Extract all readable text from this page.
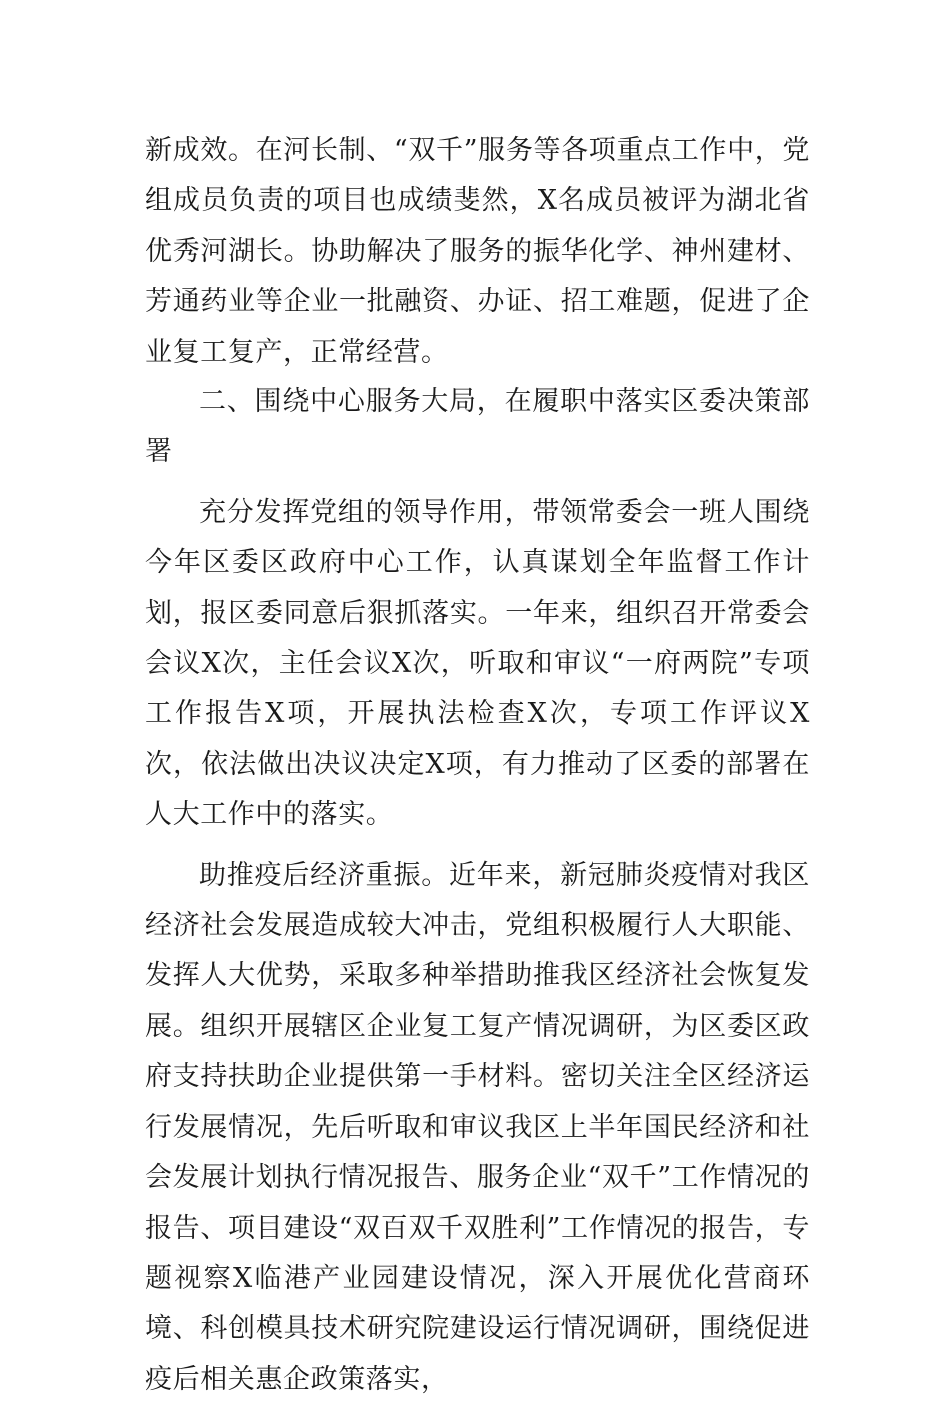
新成效。在河长制、“双千”服务等各项重点工作中，党组成员负责的项目也成绩斐然，X名成员被评为湖北省优秀河湖长。协助解决了服务的振华化学、神州建材、芳通药业等企业一批融资、办证、招工难题，促进了企业复工复产，正常经营。

二、围绕中心服务大局，在履职中落实区委决策部署

充分发挥党组的领导作用，带领常委会一班人围绕今年区委区政府中心工作，认真谋划全年监督工作计划，报区委同意后狠抓落实。一年来，组织召开常委会会议X次，主任会议X次，听取和审议“一府两院”专项工作报告X项，开展执法检查X次，专项工作评议X次，依法做出决议决定X项，有力推动了区委的部署在人大工作中的落实。

助推疫后经济重振。近年来，新冠肺炎疫情对我区经济社会发展造成较大冲击，党组积极履行人大职能、发挥人大优势，采取多种举措助推我区经济社会恢复发展。组织开展辖区企业复工复产情况调研，为区委区政府支持扶助企业提供第一手材料。密切关注全区经济运行发展情况，先后听取和审议我区上半年国民经济和社会发展计划执行情况报告、服务企业“双千”工作情况的报告、项目建设“双百双千双胜利”工作情况的报告，专题视察X临港产业园建设情况，深入开展优化营商环境、科创模具技术研究院建设运行情况调研，围绕促进疫后相关惠企政策落实，
